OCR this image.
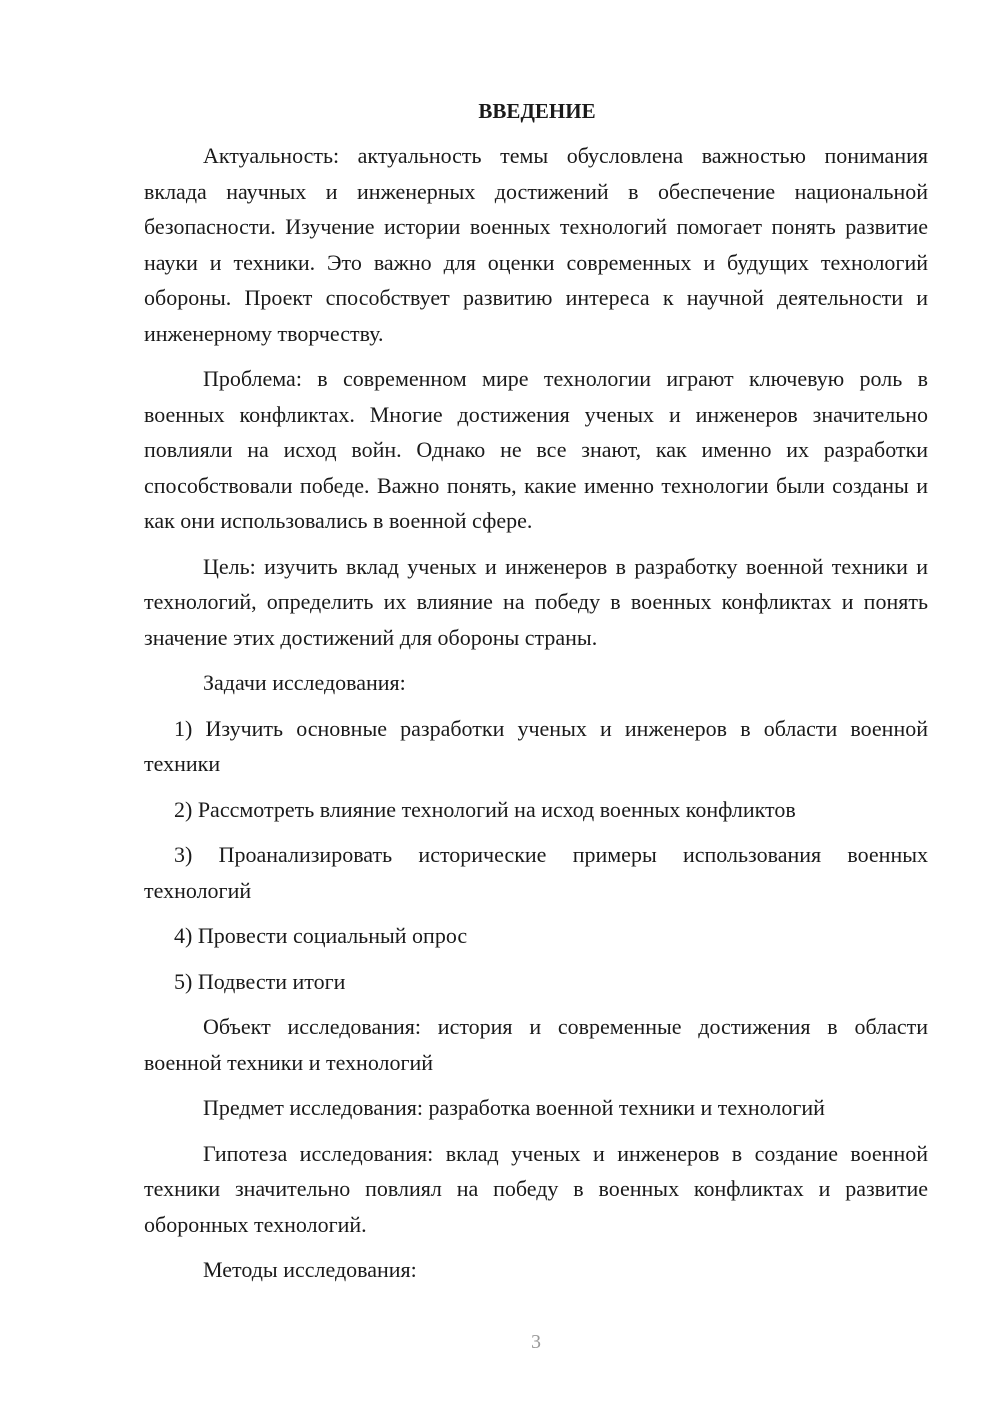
ВВЕДЕНИЕ

Актуальность: актуальность темы обусловлена важностью понимания вклада научных и инженерных достижений в обеспечение национальной безопасности. Изучение истории военных технологий помогает понять развитие науки и техники. Это важно для оценки современных и будущих технологий обороны. Проект способствует развитию интереса к научной деятельности и инженерному творчеству.

Проблема: в современном мире технологии играют ключевую роль в военных конфликтах. Многие достижения ученых и инженеров значительно повлияли на исход войн. Однако не все знают, как именно их разработки способствовали победе. Важно понять, какие именно технологии были созданы и как они использовались в военной сфере.

Цель: изучить вклад ученых и инженеров в разработку военной техники и технологий, определить их влияние на победу в военных конфликтах и понять значение этих достижений для обороны страны.

Задачи исследования:

1) Изучить основные разработки ученых и инженеров в области военной техники

2) Рассмотреть влияние технологий на исход военных конфликтов

3) Проанализировать исторические примеры использования военных технологий

4) Провести социальный опрос

5) Подвести итоги

Объект исследования: история и современные достижения в области военной техники и технологий

Предмет исследования: разработка военной техники и технологий

Гипотеза исследования: вклад ученых и инженеров в создание военной техники значительно повлиял на победу в военных конфликтах и развитие оборонных технологий.

Методы исследования:

3
